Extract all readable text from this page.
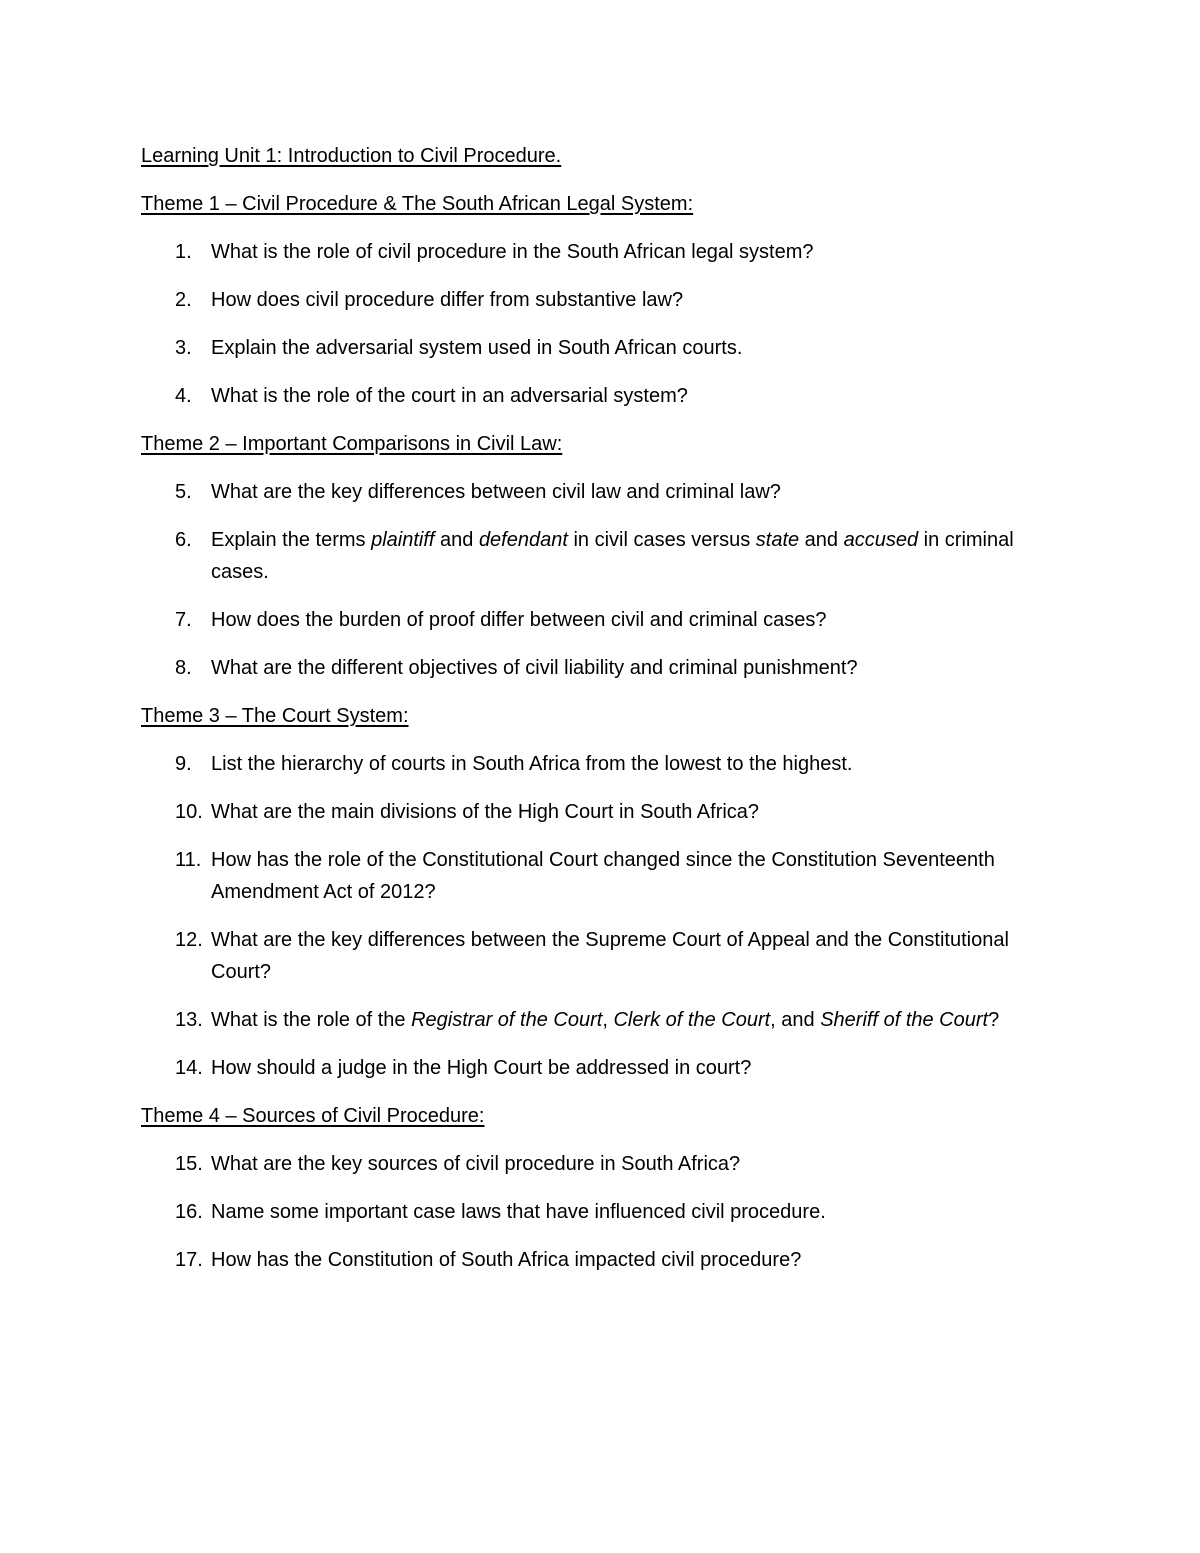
Learning Unit 1: Introduction to Civil Procedure.
Theme 1 – Civil Procedure & The South African Legal System:
1. What is the role of civil procedure in the South African legal system?
2. How does civil procedure differ from substantive law?
3. Explain the adversarial system used in South African courts.
4. What is the role of the court in an adversarial system?
Theme 2 – Important Comparisons in Civil Law:
5. What are the key differences between civil law and criminal law?
6. Explain the terms plaintiff and defendant in civil cases versus state and accused in criminal cases.
7. How does the burden of proof differ between civil and criminal cases?
8. What are the different objectives of civil liability and criminal punishment?
Theme 3 – The Court System:
9. List the hierarchy of courts in South Africa from the lowest to the highest.
10. What are the main divisions of the High Court in South Africa?
11. How has the role of the Constitutional Court changed since the Constitution Seventeenth Amendment Act of 2012?
12. What are the key differences between the Supreme Court of Appeal and the Constitutional Court?
13. What is the role of the Registrar of the Court, Clerk of the Court, and Sheriff of the Court?
14. How should a judge in the High Court be addressed in court?
Theme 4 – Sources of Civil Procedure:
15. What are the key sources of civil procedure in South Africa?
16. Name some important case laws that have influenced civil procedure.
17. How has the Constitution of South Africa impacted civil procedure?
